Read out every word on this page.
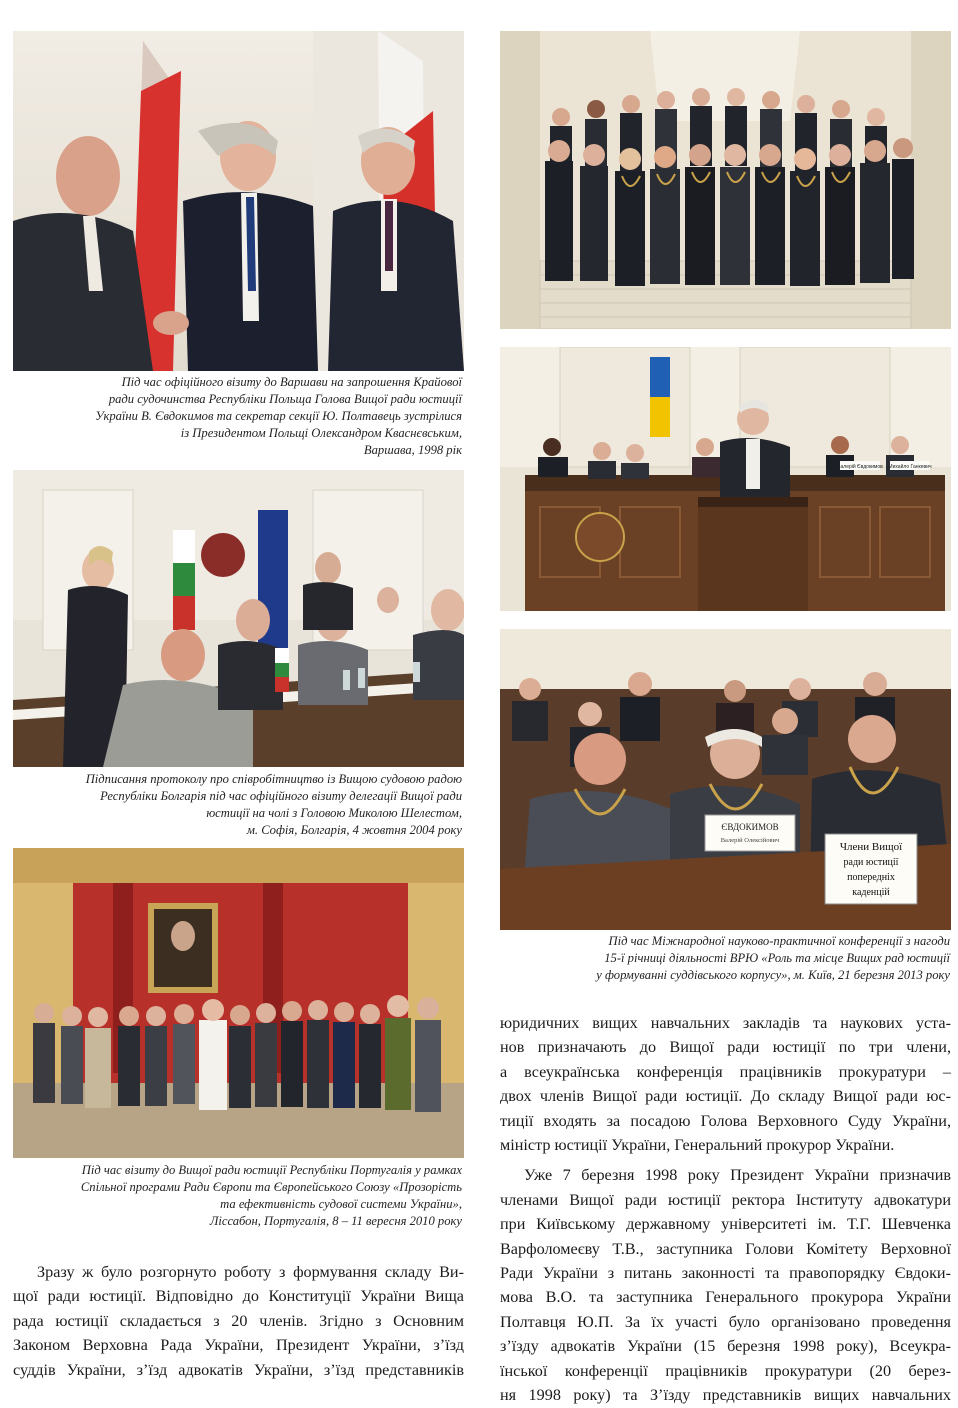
Під час офіційного візиту до Варшави на запрошення Крайової
ради судочинства Республіки Польща Голова Вищої ради юстиції
України В. Євдокимов та секретар секції Ю. Полтавець зустрілися
із Президентом Польщі Олександром Кваснєвським,
Варшава, 1998 рік
Підписання протоколу про співробітництво із Вищою судовою радою
Республіки Болгарія під час офіційного візиту делегації Вищої ради
юстиції на чолі з Головою Миколою Шелестом,
м. Софія, Болгарія, 4 жовтня 2004 року
Під час візиту до Вищої ради юстиції Республіки Португалія у рамках
Спільної програми Ради Європи та Європейського Союзу «Прозорість
та ефективність судової системи України»,
Ліссабон, Португалія, 8 – 11 вересня 2010 року
Валерій Євдокимов Михайло Ганкевич
ЄВДОКИМОВ
Валерій Олексійович
Члени Вищої
ради юстиції
попередніх
каденцій
Під час Міжнародної науково-практичної конференції з нагоди
15-ї річниці діяльності ВРЮ «Роль та місце Вищих рад юстиції
у формуванні суддівського корпусу», м. Київ, 21 березня 2013 року

юридичних вищих навчальних закладів та наукових уста-
нов призначають до Вищої ради юстиції по три члени,
а всеукраїнська конференція працівників прокуратури –
двох членів Вищої ради юстиції. До складу Вищої ради юс-
тиції входять за посадою Голова Верховного Суду України,
міністр юстиції України, Генеральний прокурор України.

Уже 7 березня 1998 року Президент України призначив
членами Вищої ради юстиції ректора Інституту адвокатури
при Київському державному університеті ім. Т.Г. Шевченка
Варфоломеєву Т.В., заступника Голови Комітету Верховної
Ради України з питань законності та правопорядку Євдоки-
мова В.О. та заступника Генерального прокурора України
Полтавця Ю.П. За їх участі було організовано проведення
з’їзду адвокатів України (15 березня 1998 року), Всеукра-
їнської конференції працівників прокуратури (20 берез-
ня 1998 року) та З’їзду представників вищих навчальних

Зразу ж було розгорнуто роботу з формування складу Ви-
щої ради юстиції. Відповідно до Конституції України Вища
рада юстиції складається з 20 членів. Згідно з Основним
Законом Верховна Рада України, Президент України, з’їзд
суддів України, з’їзд адвокатів України, з’їзд представників
